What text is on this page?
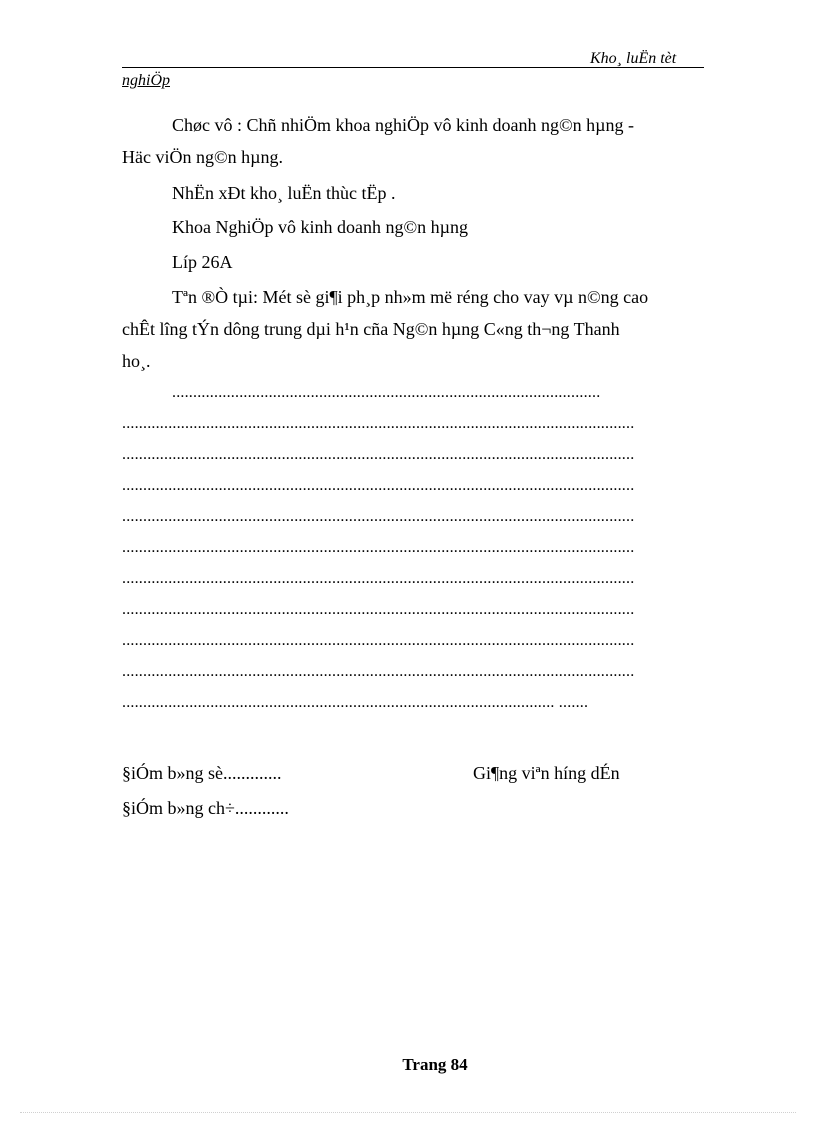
Kho¸ luËn tèt
nghiÖp
Chøc vô : Chñ nhiÖm khoa nghiÖp vô kinh doanh ng©n hµng -
Häc viÖn ng©n hµng.
NhËn xÐt kho¸ luËn thùc tËp .
Khoa NghiÖp vô kinh doanh ng©n hµng
Líp 26A
Tªn ®Ò tµi: Mét sè gi¶i ph¸p nh»m më réng cho vay vµ n©ng cao
chÊt lîng tÝn dông trung dµi h¹n cña Ng©n hµng C«ng th¬ng Thanh
ho¸.
......................................................................................................
..........................................................................................................................
..........................................................................................................................
..........................................................................................................................
..........................................................................................................................
..........................................................................................................................
..........................................................................................................................
..........................................................................................................................
..........................................................................................................................
..........................................................................................................................
....................................................................................................... .......
§iÓm b»ng sè.............	Gi¶ng viªn híng dÉn
§iÓm b»ng ch÷............
Trang 84
